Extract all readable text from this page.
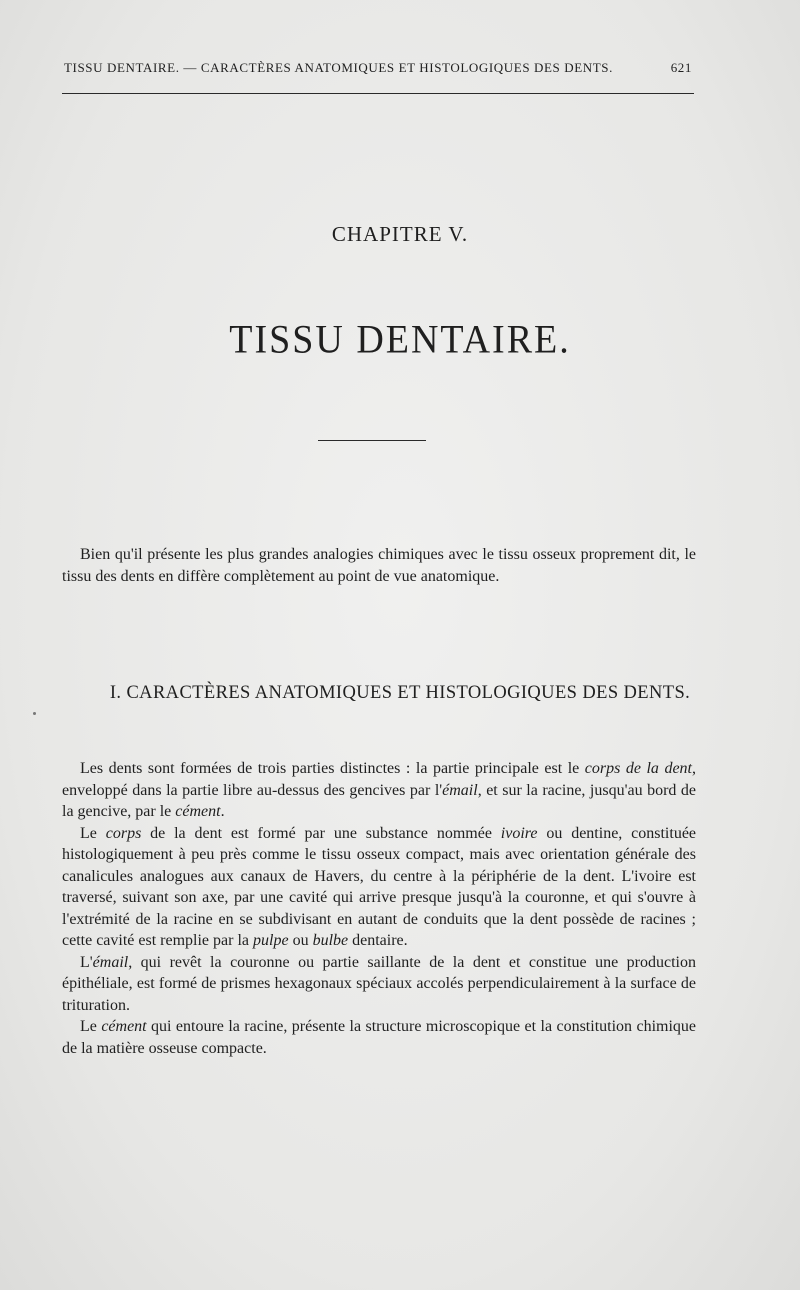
TISSU DENTAIRE. — CARACTÈRES ANATOMIQUES ET HISTOLOGIQUES DES DENTS.	621
CHAPITRE V.
TISSU DENTAIRE.

Bien qu'il présente les plus grandes analogies chimiques avec le tissu osseux proprement dit, le tissu des dents en diffère complètement au point de vue anatomique.

I. CARACTÈRES ANATOMIQUES ET HISTOLOGIQUES DES DENTS.

Les dents sont formées de trois parties distinctes : la partie principale est le corps de la dent, enveloppé dans la partie libre au-dessus des gencives par l'émail, et sur la racine, jusqu'au bord de la gencive, par le cément.

Le corps de la dent est formé par une substance nommée ivoire ou dentine, constituée histologiquement à peu près comme le tissu osseux compact, mais avec orientation générale des canalicules analogues aux canaux de Havers, du centre à la périphérie de la dent. L'ivoire est traversé, suivant son axe, par une cavité qui arrive presque jusqu'à la couronne, et qui s'ouvre à l'extrémité de la racine en se subdivisant en autant de conduits que la dent possède de racines ; cette cavité est remplie par la pulpe ou bulbe dentaire.

L'émail, qui revêt la couronne ou partie saillante de la dent et constitue une production épithéliale, est formé de prismes hexagonaux spéciaux accolés perpendiculairement à la surface de trituration.

Le cément qui entoure la racine, présente la structure microscopique et la constitution chimique de la matière osseuse compacte.
